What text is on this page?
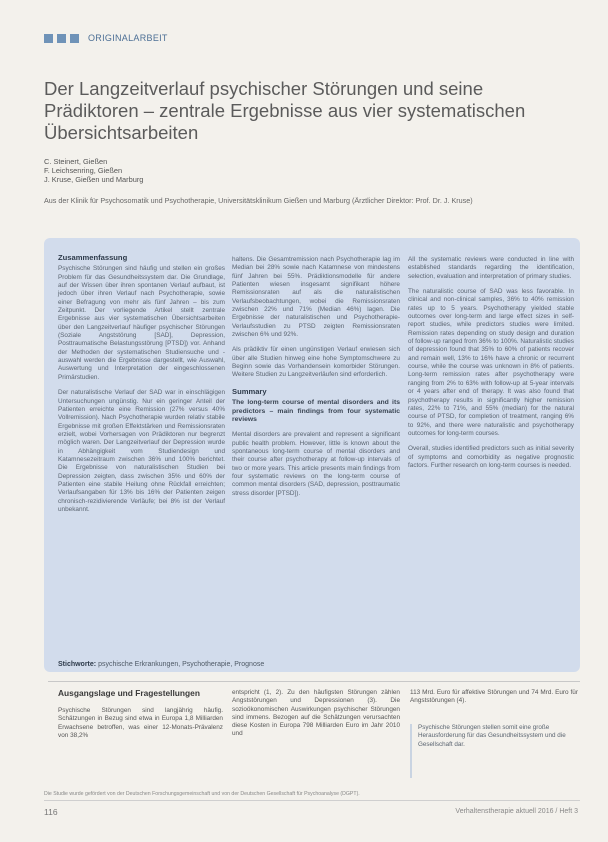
ORIGINALARBEIT
Der Langzeitverlauf psychischer Störungen und seine Prädiktoren – zentrale Ergebnisse aus vier systematischen Übersichtsarbeiten
C. Steinert, Gießen
F. Leichsenring, Gießen
J. Kruse, Gießen und Marburg
Aus der Klinik für Psychosomatik und Psychotherapie, Universitätsklinikum Gießen und Marburg (Ärztlicher Direktor: Prof. Dr. J. Kruse)
Zusammenfassung

Psychische Störungen sind häufig und stellen ein großes Problem für das Gesundheitssystem dar. Die Grundlage, auf der Wissen über ihren spontanen Verlauf aufbaut, ist jedoch über ihren Verlauf nach Psychotherapie, sowie einer Befragung von mehr als fünf Jahren – bis zum Zeitpunkt. Der vorliegende Artikel stellt zentrale Ergebnisse aus vier systematischen Übersichtsarbeiten über den Langzeitverlauf häufiger psychischer Störungen (Soziale Angststörung [SAD], Depression, Posttraumatische Belastungsstörung [PTSD]) vor. Anhand der Methoden der systematischen Studiensuche und -auswahl werden die Ergebnisse dargestellt, wie Auswahl, Auswertung und Interpretation der eingeschlossenen Primärstudien.

Der naturalistische Verlauf der SAD war in einschlägigen Untersuchungen ungünstig. Nur ein geringer Anteil der Patienten erreichte eine Remission (27% versus 40% Vollremission). Nach Psychotherapie wurden relativ stabile Ergebnisse mit großen Effektstärken und Remissionsraten erzielt, wobei Vorhersagen von Prädiktoren nur begrenzt möglich waren. Der Langzeitverlauf der Depression wurde in Abhängigkeit vom Studiendesign und Katamnesezeitraum zwischen 36% und 100% berichtet. Die Ergebnisse von naturalistischen Studien bei Depression zeigten, dass zwischen 35% und 60% der Patienten eine stabile Heilung ohne Rückfall erreichten; Verlaufsangaben für 13% bis 16% der Patienten zeigen chronisch-rezidivierende Verläufe; bei 8% ist der Verlauf unbekannt.

haltens. Die Gesamtremission nach Psychotherapie lag im Median bei 28% sowie nach Katamnese von mindestens fünf Jahren bei 55%. Prädiktionsmodelle für andere Patienten wiesen insgesamt signifikant höhere Remissionsraten auf als die naturalistischen Verlaufsbeobachtungen, wobei die Remissionsraten zwischen 22% und 71% (Median 46%) lagen. Die Ergebnisse der naturalistischen und Psychotherapie-Verlaufsstudien zu PTSD zeigten Remissionsraten zwischen 6% und 92%.

Als prädiktiv für einen ungünstigen Verlauf erwiesen sich über alle Studien hinweg eine hohe Symptomschwere zu Beginn sowie das Vorhandensein komorbider Störungen. Weitere Studien zu Langzeitverläufen sind erforderlich.

Summary
The long-term course of mental disorders and its predictors – main findings from four systematic reviews

Mental disorders are prevalent and represent a significant public health problem. However, little is known about the spontaneous long-term course of mental disorders and their course after psychotherapy at follow-up intervals of two or more years. This article presents main findings from four systematic reviews on the long-term course of common mental disorders (SAD, depression, posttraumatic stress disorder [PTSD]).

All the systematic reviews were conducted in line with established standards regarding the identification, selection, evaluation and interpretation of primary studies.

The naturalistic course of SAD was less favorable. In clinical and non-clinical samples, 36% to 40% remission rates up to 5 years. Psychotherapy yielded stable outcomes over long-term and large effect sizes in self-report studies, while predictors studies were limited. Remission rates depending on study design and duration of follow-up ranged from 36% to 100%. Naturalistic studies of depression found that 35% to 60% of patients recover and remain well, 13% to 16% have a chronic or recurrent course, while the course was unknown in 8% of patients. Long-term remission rates after psychotherapy were ranging from 2% to 63% with follow-up at 5-year intervals or 4 years after end of therapy. It was also found that psychotherapy results in significantly higher remission rates, 22% to 71%, and 55% (median) for the natural course of PTSD, for completion of treatment, ranging 6% to 92%, and there were naturalistic and psychotherapy outcomes for long-term courses.

Overall, studies identified predictors such as initial severity of symptoms and comorbidity as negative prognostic factors. Further research on long-term courses is needed.

Stichworte: psychische Erkrankungen, Psychotherapie, Prognose
Ausgangslage und Fragestellungen

Psychische Störungen sind langjährig häufig. Schätzungen in Bezug sind etwa in Europa 1,8 Milliarden Erwachsene betroffen, was einer 12-Monats-Prävalenz von 38,2%

entspricht (1, 2). Zu den häufigsten Störungen zählen Angststörungen und Depressionen (3). Die sozioökonomischen Auswirkungen psychischer Störungen sind immens. Bezogen auf die Schätzungen verursachten diese Kosten in Europa 798 Milliarden Euro im Jahr 2010 und

113 Mrd. Euro für affektive Störungen und 74 Mrd. Euro für Angststörungen (4).

Psychische Störungen stellen somit eine große Herausforderung für das Gesundheitssystem und die Gesellschaft dar.
Die Studie wurde gefördert von der Deutschen Forschungsgemeinschaft und von der Deutschen Gesellschaft für Psychoanalyse (DGPT).
116	Verhaltenstherapie aktuell 2016 / Heft 3
